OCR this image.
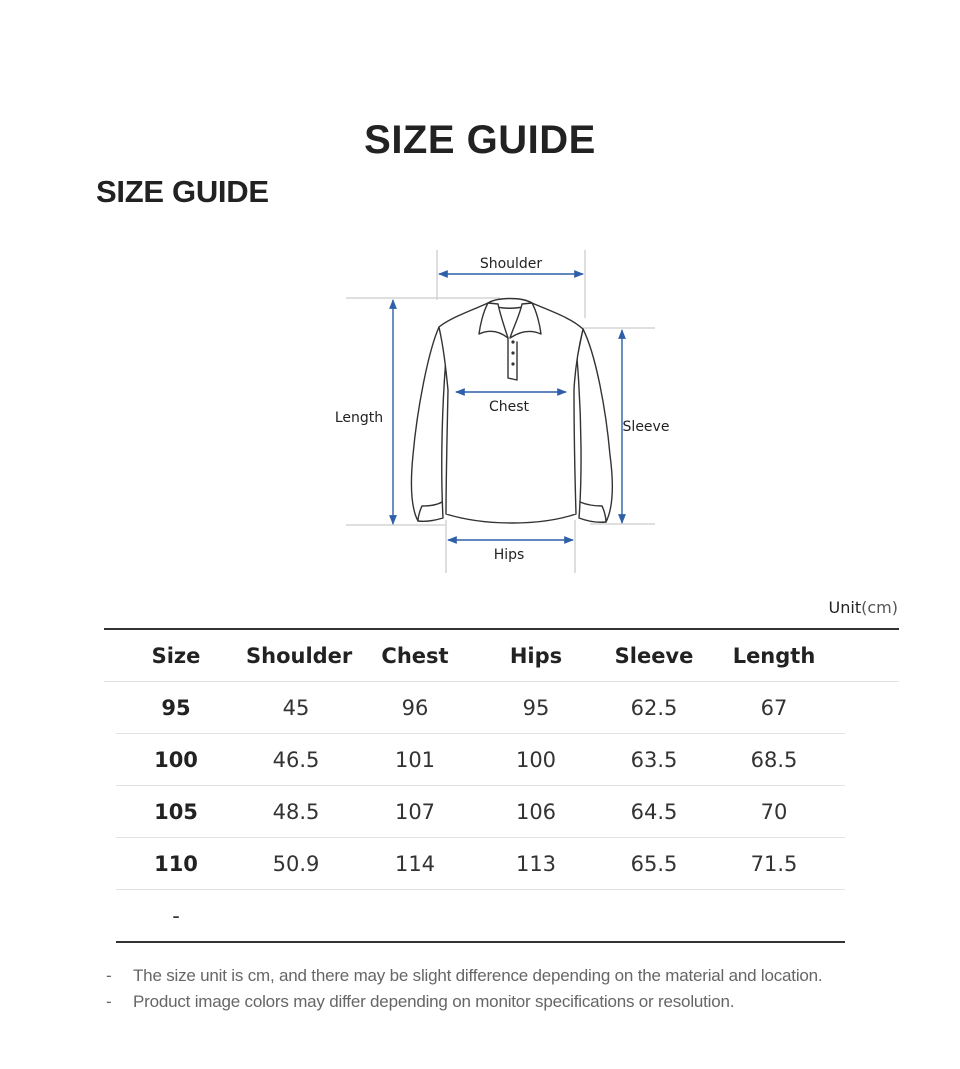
SIZE GUIDE
SIZE GUIDE
Shoulder
Chest
Length
Sleeve
Hips
Unit(cm)
Size	Shoulder	Chest	Hips	Sleeve	Length
95	45	96	95	62.5	67
100	46.5	101	100	63.5	68.5
105	48.5	107	106	64.5	70
110	50.9	114	113	65.5	71.5
-
- The size unit is cm, and there may be slight difference depending on the material and location.
- Product image colors may differ depending on monitor specifications or resolution.
